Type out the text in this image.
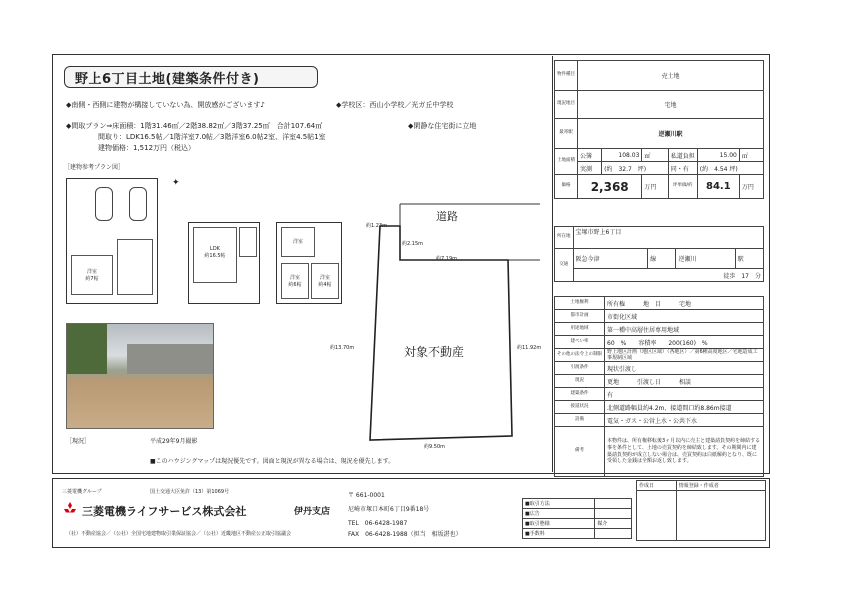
野上6丁目土地(建築条件付き)
◆南側・西側に建物が構接していない為、開放感がございます♪	◆学校区：西山小学校／光ガ丘中学校
◆間取プラン⇒床面積：1階31.46㎡／2階38.82㎡／3階37.25㎡　合計107.64㎡
間取り：LDK16.5帖／1階洋室7.0帖／3階洋室6.0帖2室、洋室4.5帖1室
建物価格：1,512万円（税込）
◆閑静な住宅街に立地
［建物参考プラン図］
洋室
約7帖
LDK
約16.5帖
洋室
洋室
約6帖
洋室
約4帖
✦
［現況］	平成29年9月撮影
道路
対象不動産
約1.23m
約2.15m
約7.19m
約13.70m	約11.92m
約9.50m
■このハウジングマップは現況優先です。図面と現況が異なる場合は、現況を優先します。
物件種目	売土地					
現況地目	宅地					
最寄駅	逆瀬川駅					
土地面積	公簿	108.03	㎡	私道負担	15.00	㎡
	実測	(約　32.7　坪)		同・有	(約　4.54 坪)	
価格	2,368		万円	坪単価/約	84.1	万円
所在地	宝塚市野上6丁目			
交通	阪急今津	線	逆瀬川	駅
	徒歩　17　分			
土地権利	所有権　　　地　目　　　宅地
都市計画	市街化区域
用途地域	第一種中高層住居専用地域
建ぺい率	60　%　　容積率　　200(160)　%
その他の法令上の制限	野上地区計画（地区区域）（各地区）／第6種高度地区／宅地造成工事規制区域
引渡条件	現状引渡し
現況	更地　　　引渡し日　　　相談
建築条件	有
接道状況	北側道路幅員約4.2m、接道間口約8.86m接道
設備	電気・ガス・公営上水・公共下水
備考	本物件は、所有権移転後3ヶ月以内に売主と建築請負契約を締結する事を条件として、土地の売買契約を締結致します。その期間内に建築請負契約が成立しない場合は、売買契約は白紙解約となり、既に受領した金銭は全額お返し致します。
三菱電機グループ	国土交通大臣免許（13）第1069号
三菱電機ライフサービス株式会社	伊丹支店
〒 661-0001
尼崎市塚口本町6丁目9番18号
TEL　06-6428-1987
FAX　06-6428-1988（担当　相坂湛也）
（社）不動産協会／（公社）全国宅地建物取引業保証協会／（公社）近畿地区不動産公正取引協議会
■取引方法	
■広告	
■取引態様	媒介
■手数料	
作成日	情報登録・作成者
